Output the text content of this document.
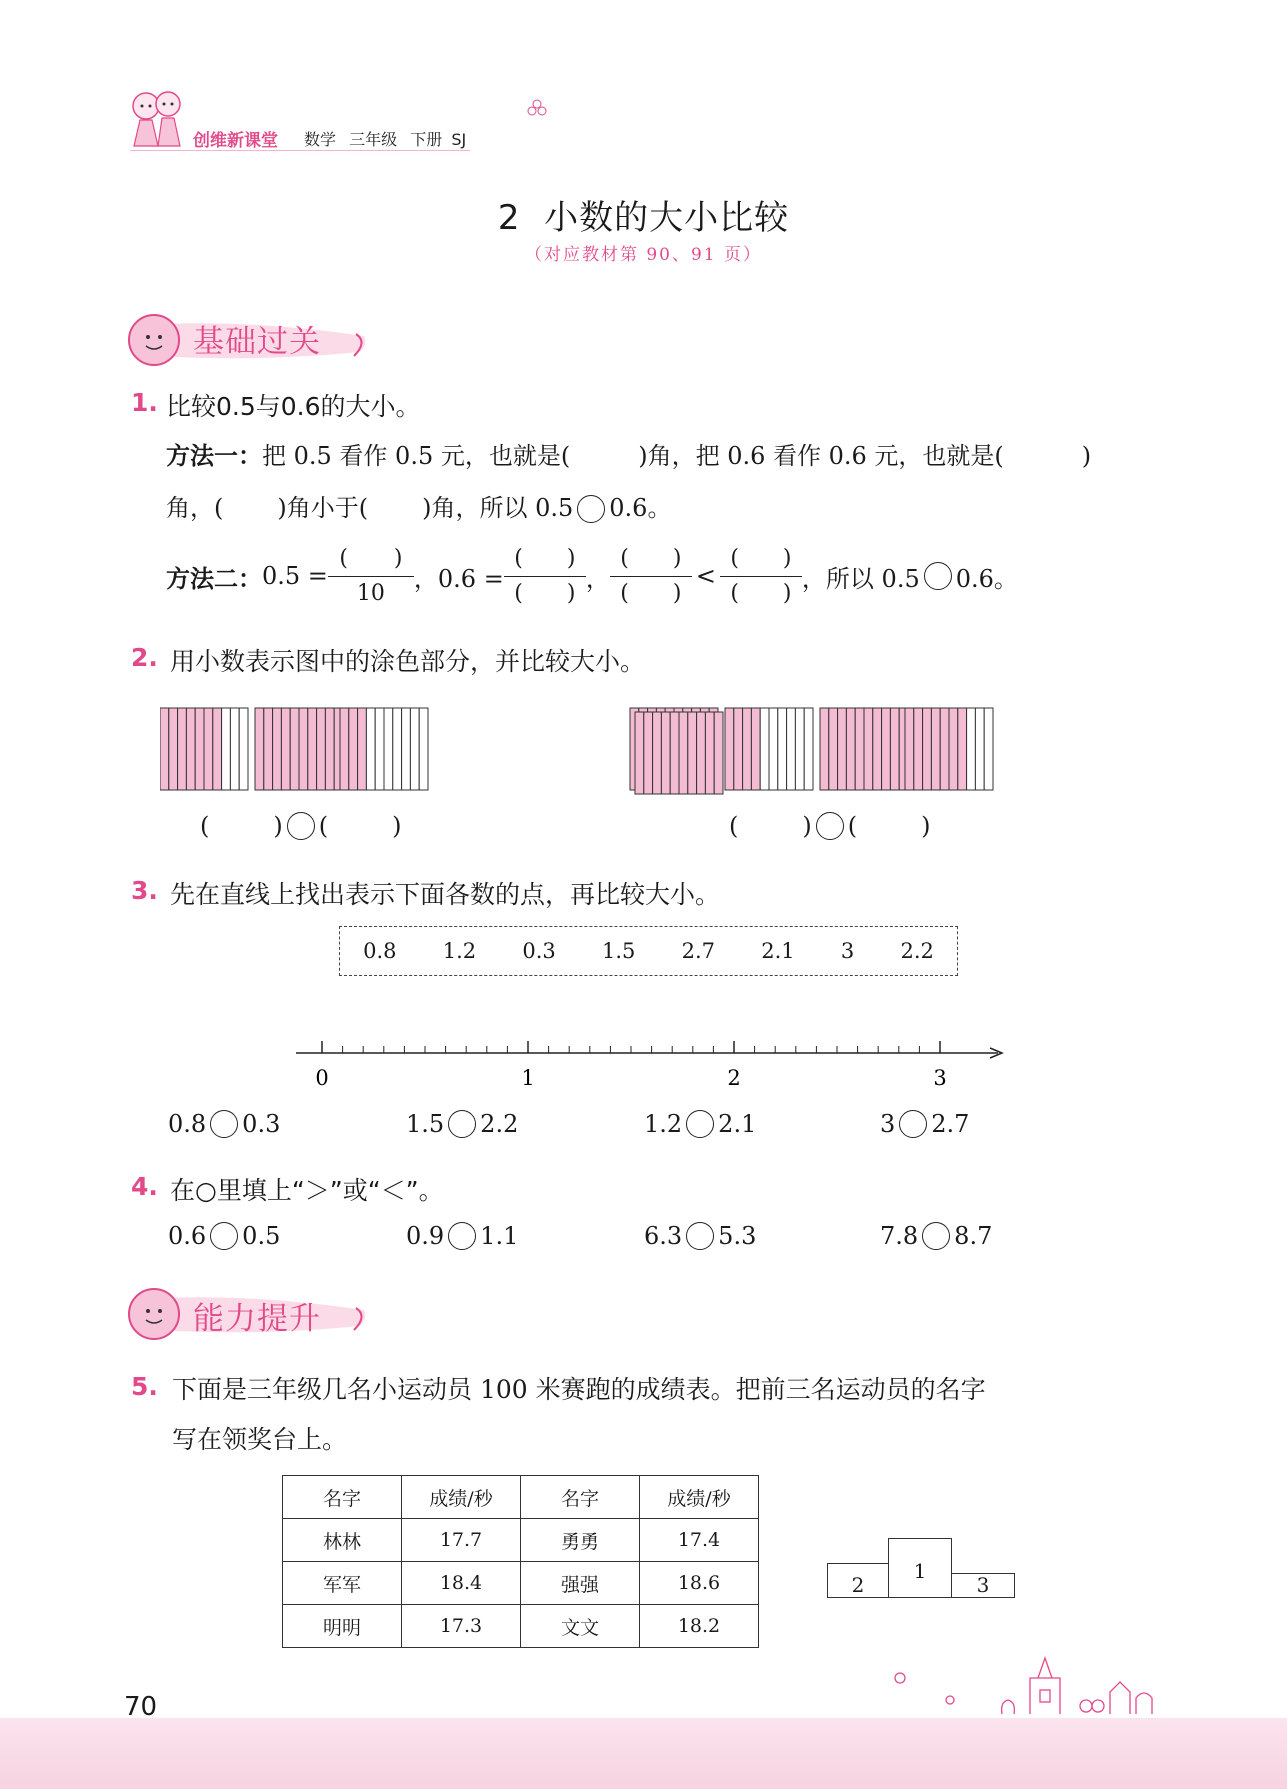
创维新课堂 数学 三年级 下册 SJ
2  小数的大小比较
（对应教材第 90、91 页）
基础过关
1. 比较0.5与0.6的大小。
方法一：把 0.5 看作 0.5 元，也就是(	)角，把 0.6 看作 0.6 元，也就是(	)
角，( )角小于( )角，所以 0.5 0.6。
方法二： $0.5 = \frac{( )}{10}$ ，$0.6 = \frac{( )}{( )}$ ， $\frac{( )}{( )} < \frac{( )}{( )}$ ，所以 0.5 0.6。
2. 用小数表示图中的涂色部分，并比较大小。
(	) (	)	(	) (	)
3. 先在直线上找出表示下面各数的点，再比较大小。
0.8 1.2 0.3 1.5 2.7 2.1 3 2.2
0	1	2	3
0.8 0.3	1.5 2.2	1.2 2.1	3 2.7
4. 在○里填上“＞”或“＜”。
0.6 0.5	0.9 1.1	6.3 5.3	7.8 8.7
能力提升
5. 下面是三年级几名小运动员 100 米赛跑的成绩表。把前三名运动员的名字
写在领奖台上。
名字	成绩/秒	名字	成绩/秒
林林	17.7	勇勇	17.4
军军	18.4	强强	18.6
明明	17.3	文文	18.2
2
1
3
70
